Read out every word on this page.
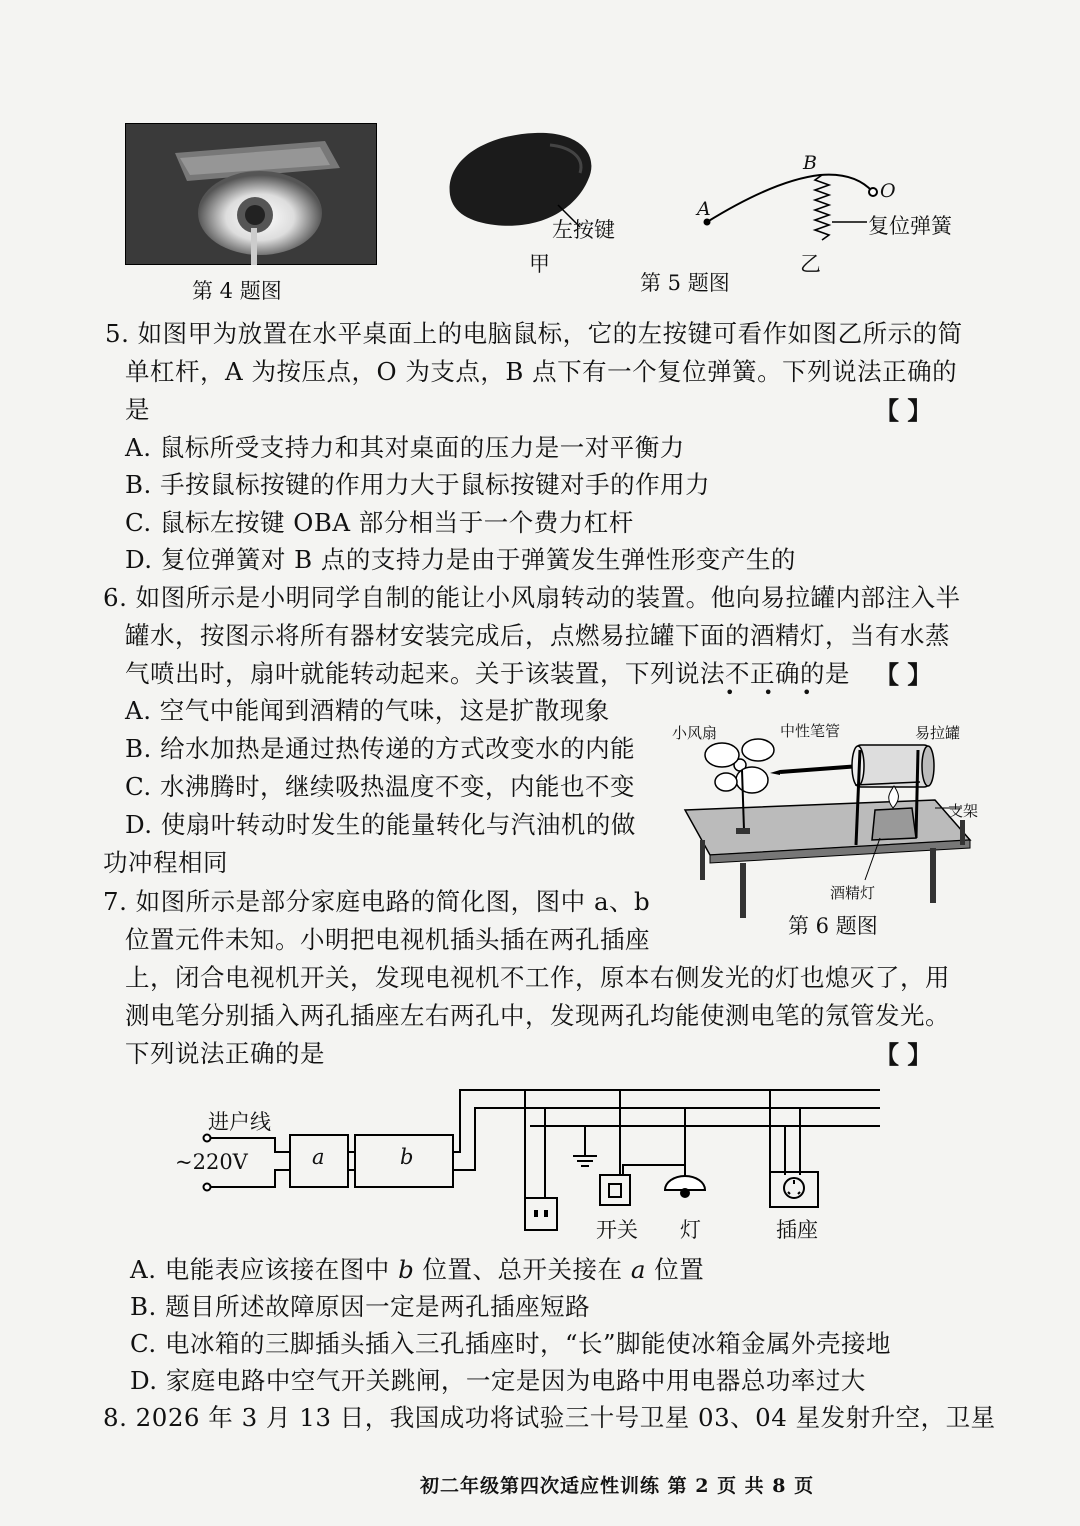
第 4 题图
左按键
甲
A
B
O
复位弹簧
乙
第 5 题图
5. 如图甲为放置在水平桌面上的电脑鼠标，它的左按键可看作如图乙所示的简
单杠杆，A 为按压点，O 为支点，B 点下有一个复位弹簧。下列说法正确的
是	【 】
A. 鼠标所受支持力和其对桌面的压力是一对平衡力
B. 手按鼠标按键的作用力大于鼠标按键对手的作用力
C. 鼠标左按键 OBA 部分相当于一个费力杠杆
D. 复位弹簧对 B 点的支持力是由于弹簧发生弹性形变产生的
6. 如图所示是小明同学自制的能让小风扇转动的装置。他向易拉罐内部注入半
罐水，按图示将所有器材安装完成后，点燃易拉罐下面的酒精灯，当有水蒸
气喷出时，扇叶就能转动起来。关于该装置，下列说法不正确
• • •
的是 【 】
A. 空气中能闻到酒精的气味，这是扩散现象
B. 给水加热是通过热传递的方式改变水的内能
C. 水沸腾时，继续吸热温度不变，内能也不变
D. 使扇叶转动时发生的能量转化与汽油机的做
功冲程相同
小风扇	中性笔管	易拉罐
支架
酒精灯
第 6 题图
7. 如图所示是部分家庭电路的简化图，图中 a、b
位置元件未知。小明把电视机插头插在两孔插座
上，闭合电视机开关，发现电视机不工作，原本右侧发光的灯也熄灭了，用
测电笔分别插入两孔插座左右两孔中，发现两孔均能使测电笔的氖管发光。
下列说法正确的是	【 】
进户线
~220V	a	b
开关 灯	插座
A. 电能表应该接在图中 b 位置、总开关接在 a 位置
B. 题目所述故障原因一定是两孔插座短路
C. 电冰箱的三脚插头插入三孔插座时，“长”脚能使冰箱金属外壳接地
D. 家庭电路中空气开关跳闸，一定是因为电路中用电器总功率过大
8. 2026 年 3 月 13 日，我国成功将试验三十号卫星 03、04 星发射升空，卫星
初二年级第四次适应性训练 第 2 页 共 8 页
